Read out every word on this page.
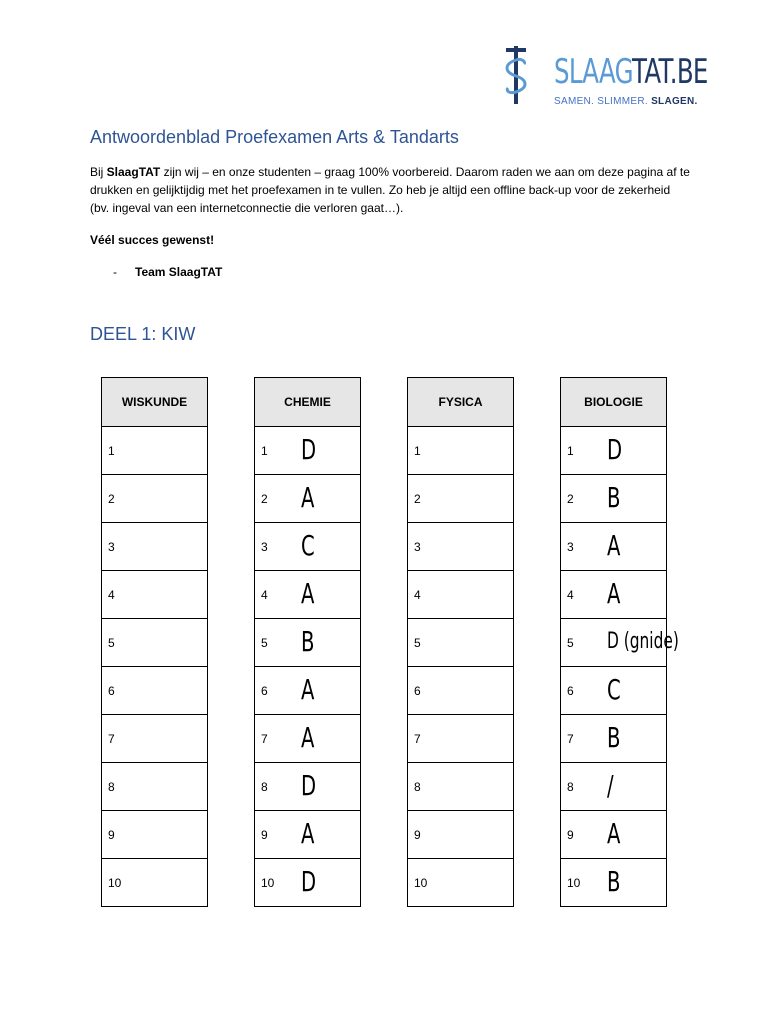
SLAAGTAT.BE
SAMEN. SLIMMER. SLAGEN.
Antwoordenblad Proefexamen Arts & Tandarts
Bij SlaagTAT zijn wij – en onze studenten – graag 100% voorbereid. Daarom raden we aan om deze pagina af te drukken en gelijktijdig met het proefexamen in te vullen. Zo heb je altijd een offline back-up voor de zekerheid (bv. ingeval van een internetconnectie die verloren gaat…).
Véél succes gewenst!
- Team SlaagTAT
DEEL 1: KIW
WISKUNDE
1
2
3
4
5
6
7
8
9
10
CHEMIE
1 D

2 A

3 C

4 A

5 B

6 A

7 A

8 D

9 A

10 D
FYSICA
1
2
3
4
5
6
7
8
9
10
BIOLOGIE
1 D

2 B

3 A

4 A

5 D (gnide)

6 C

7 B

8 /

9 A

10 B
